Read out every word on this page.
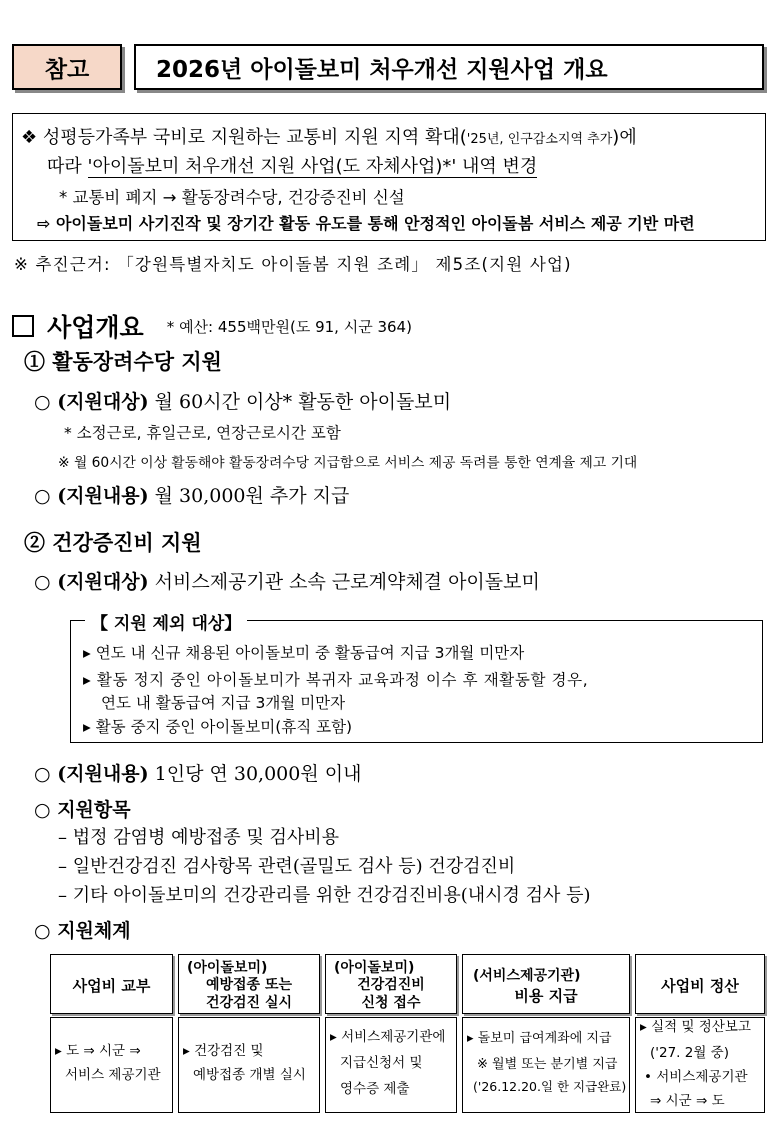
참고	2026년 아이돌보미 처우개선 지원사업 개요
❖ 성평등가족부 국비로 지원하는 교통비 지원 지역 확대('25년, 인구감소지역 추가)에
따라 '아이돌보미 처우개선 지원 사업(도 자체사업)*' 내역 변경
* 교통비 폐지 → 활동장려수당, 건강증진비 신설
⇨ 아이돌보미 사기진작 및 장기간 활동 유도를 통해 안정적인 아이돌봄 서비스 제공 기반 마련
※ 추진근거: 「강원특별자치도 아이돌봄 지원 조례」 제5조(지원 사업)
사업개요 * 예산: 455백만원(도 91, 시군 364)
① 활동장려수당 지원
○ (지원대상) 월 60시간 이상* 활동한 아이돌보미
* 소정근로, 휴일근로, 연장근로시간 포함
※ 월 60시간 이상 활동해야 활동장려수당 지급함으로 서비스 제공 독려를 통한 연계율 제고 기대
○ (지원내용) 월 30,000원 추가 지급
② 건강증진비 지원
○ (지원대상) 서비스제공기관 소속 근로계약체결 아이돌보미
【 지원 제외 대상】
▸ 연도 내 신규 채용된 아이돌보미 중 활동급여 지급 3개월 미만자
▸ 활동 정지 중인 아이돌보미가 복귀자 교육과정 이수 후 재활동할 경우,
연도 내 활동급여 지급 3개월 미만자
▸ 활동 중지 중인 아이돌보미(휴직 포함)
○ (지원내용) 1인당 연 30,000원 이내
○ 지원항목
– 법정 감염병 예방접종 및 검사비용
– 일반건강검진 검사항목 관련(골밀도 검사 등) 건강검진비
– 기타 아이돌보미의 건강관리를 위한 건강검진비용(내시경 검사 등)
○ 지원체계
사업비 교부
▸ 도 ⇒ 시군 ⇒
서비스 제공기관
(아이돌보미)
예방접종 또는
건강검진 실시
▸ 건강검진 및
예방접종 개별 실시
(아이돌보미)
건강검진비
신청 접수
▸ 서비스제공기관에
지급신청서 및
영수증 제출
(서비스제공기관)
비용 지급
▸ 돌보미 급여계좌에 지급
※ 월별 또는 분기별 지급
('26.12.20.일 한 지급완료)
사업비 정산
▸ 실적 및 정산보고
('27. 2월 중)
• 서비스제공기관
⇒ 시군 ⇒ 도
